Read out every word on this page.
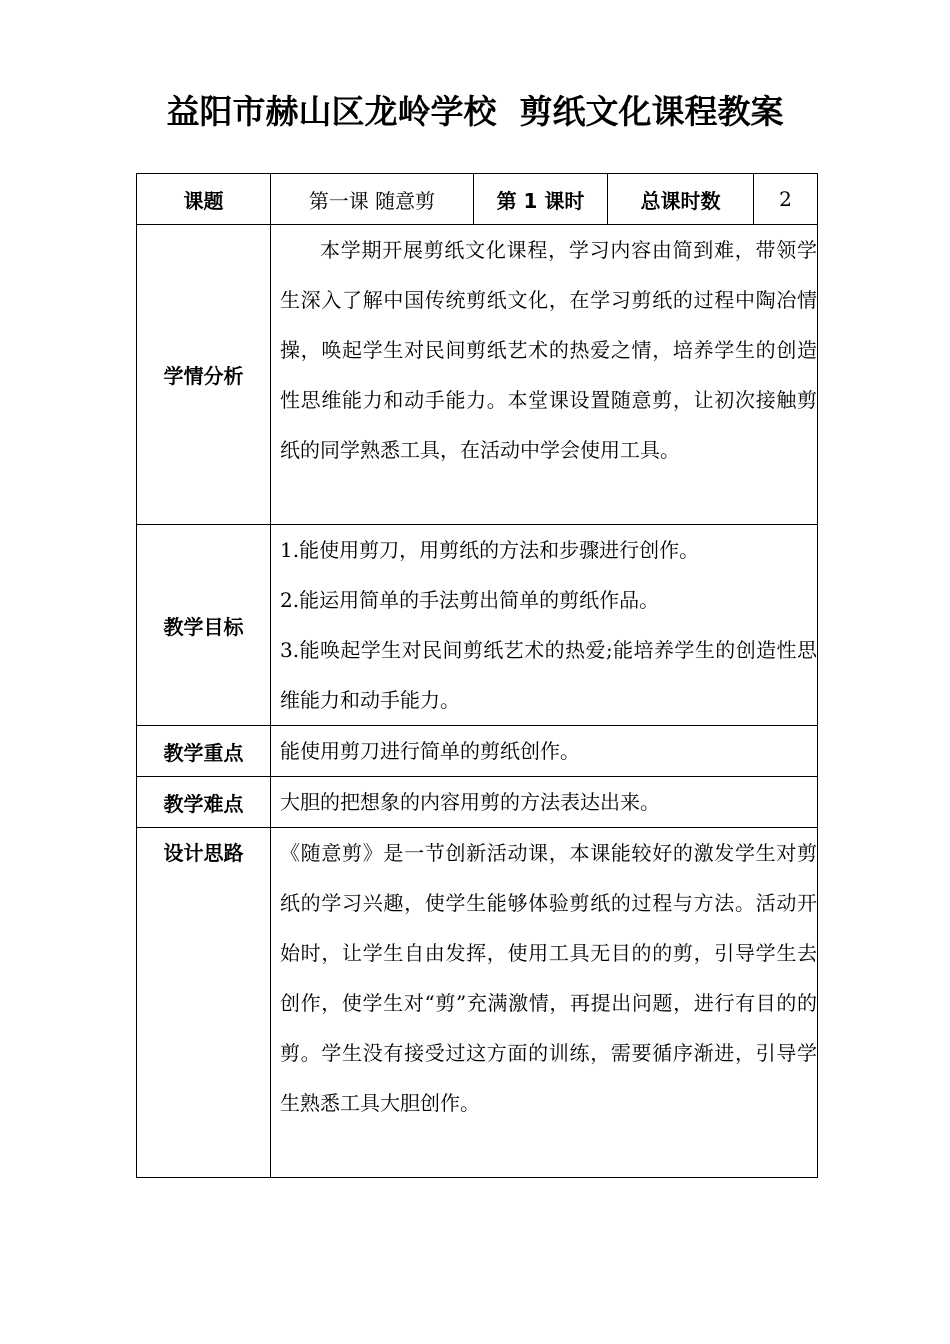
益阳市赫山区龙岭学校  剪纸文化课程教案
课题	第一课 随意剪	第 1 课时	总课时数	2
学情分析	本学期开展剪纸文化课程，学习内容由简到难，带领学生深入了解中国传统剪纸文化，在学习剪纸的过程中陶冶情操，唤起学生对民间剪纸艺术的热爱之情，培养学生的创造性思维能力和动手能力。本堂课设置随意剪，让初次接触剪纸的同学熟悉工具，在活动中学会使用工具。			
教学目标	1.能使用剪刀，用剪纸的方法和步骤进行创作。
2.能运用简单的手法剪出简单的剪纸作品。
3.能唤起学生对民间剪纸艺术的热爱;能培养学生的创造性思维能力和动手能力。			

教学重点	能使用剪刀进行简单的剪纸创作。			
教学难点	大胆的把想象的内容用剪的方法表达出来。			
设计思路	《随意剪》是一节创新活动课，本课能较好的激发学生对剪纸的学习兴趣，使学生能够体验剪纸的过程与方法。活动开始时，让学生自由发挥，使用工具无目的的剪，引导学生去创作，使学生对“剪”充满激情，再提出问题，进行有目的的剪。学生没有接受过这方面的训练，需要循序渐进，引导学生熟悉工具大胆创作。			
